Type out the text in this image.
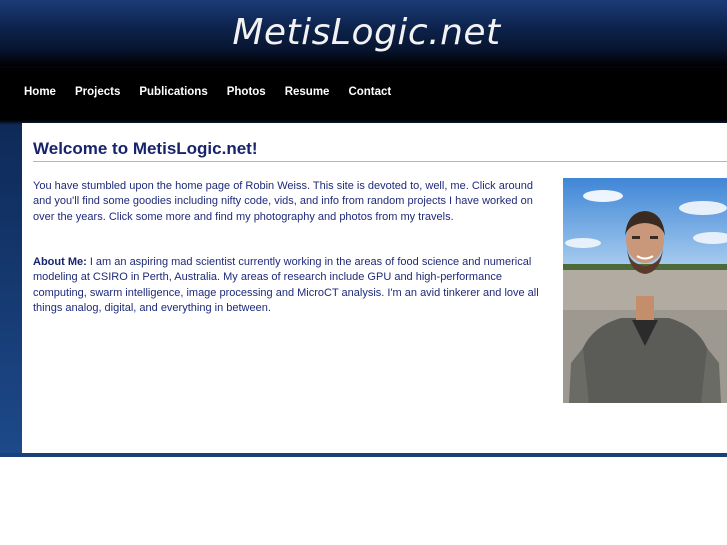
MetisLogic.net
Home Projects Publications Photos Resume Contact
Welcome to MetisLogic.net!

You have stumbled upon the home page of Robin Weiss. This site is devoted to, well, me. Click around and you'll find some goodies including nifty code, vids, and info from random projects I have worked on over the years. Click some more and find my photography and photos from my travels.

About Me: I am an aspiring mad scientist currently working in the areas of food science and numerical modeling at CSIRO in Perth, Australia. My areas of research include GPU and high-performance computing, swarm intelligence, image processing and MicroCT analysis. I'm an avid tinkerer and love all things analog, digital, and everything in between.
